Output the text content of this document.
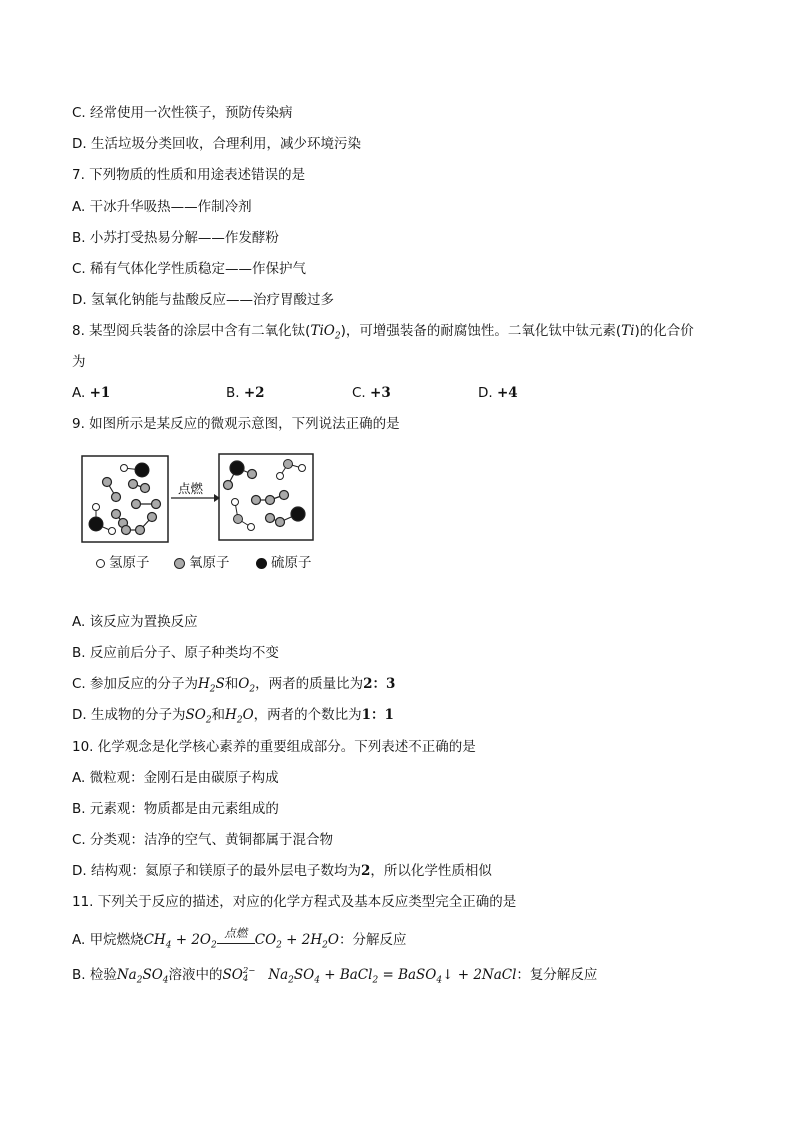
C. 经常使用一次性筷子，预防传染病
D. 生活垃圾分类回收，合理利用，减少环境污染
7. 下列物质的性质和用途表述错误的是
A. 干冰升华吸热——作制冷剂
B. 小苏打受热易分解——作发酵粉
C. 稀有气体化学性质稳定——作保护气
D. 氢氧化钠能与盐酸反应——治疗胃酸过多
8. 某型阅兵装备的涂层中含有二氧化钛(TiO$_2$)，可增强装备的耐腐蚀性。二氧化钛中钛元素(Ti)的化合价
为
A. +1	B. +2	C. +3	D. +4
9. 如图所示是某反应的微观示意图，下列说法正确的是
点燃
氢原子	氧原子	硫原子
A. 该反应为置换反应
B. 反应前后分子、原子种类均不变
C. 参加反应的分子为$H_2S$和$O_2$，两者的质量比为2：3
D. 生成物的分子为$SO_2$和$H_2O$，两者的个数比为1：1
10. 化学观念是化学核心素养的重要组成部分。下列表述不正确的是
A. 微粒观：金刚石是由碳原子构成
B. 元素观：物质都是由元素组成的
C. 分类观：洁净的空气、黄铜都属于混合物
D. 结构观：氦原子和镁原子的最外层电子数均为2，所以化学性质相似
11. 下列关于反应的描述，对应的化学方程式及基本反应类型完全正确的是
A. 甲烷燃烧$CH_4 + 2O_2$
点燃 $CO_2 + 2H_2O$：分解反应
B. 检验$Na_2SO_4$溶液中的SO 2−
4	$Na_2SO_4$ + BaCl$_2$ = BaSO$_4$↓ + 2NaCl：复分解反应
